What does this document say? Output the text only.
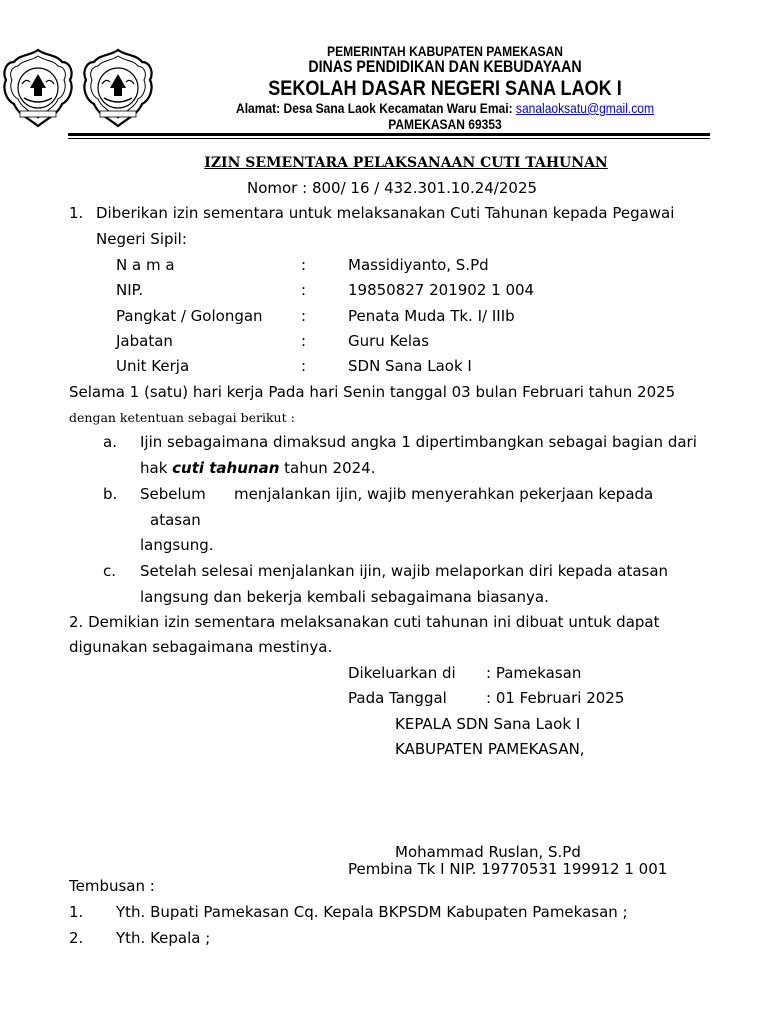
PEMERINTAH KABUPATEN PAMEKASAN
DINAS PENDIDIKAN DAN KEBUDAYAAN
SEKOLAH DASAR NEGERI SANA LAOK I
Alamat: Desa Sana Laok Kecamatan Waru Emai: sanalaoksatu@gmail.com
PAMEKASAN 69353
IZIN SEMENTARA PELAKSANAAN CUTI TAHUNAN
Nomor : 800/ 16 / 432.301.10.24/2025
1. Diberikan izin sementara untuk melaksanakan Cuti Tahunan kepada Pegawai
Negeri Sipil:
N a m a	:	Massidiyanto, S.Pd
NIP.	:	19850827 201902 1 004
Pangkat / Golongan	:	Penata Muda Tk. I/ IIIb
Jabatan	:	Guru Kelas
Unit Kerja	:	SDN Sana Laok I
Selama 1 (satu) hari kerja Pada hari Senin tanggal 03 bulan Februari tahun 2025
dengan ketentuan sebagai berikut :
a. Ijin sebagaimana dimaksud angka 1 dipertimbangkan sebagai bagian dari
hak cuti tahunan tahun 2024.
b. Sebelum menjalankan ijin, wajib menyerahkan pekerjaan kepada
atasan
langsung.
c. Setelah selesai menjalankan ijin, wajib melaporkan diri kepada atasan
langsung dan bekerja kembali sebagaimana biasanya.
2. Demikian izin sementara melaksanakan cuti tahunan ini dibuat untuk dapat
digunakan sebagaimana mestinya.
Dikeluarkan di : Pamekasan
Pada Tanggal	: 01 Februari 2025
KEPALA SDN Sana Laok I
KABUPATEN PAMEKASAN,
Mohammad Ruslan, S.Pd
Pembina Tk I NIP. 19770531 199912 1 001
Tembusan :
1. Yth. Bupati Pamekasan Cq. Kepala BKPSDM Kabupaten Pamekasan ;
2. Yth. Kepala ;
